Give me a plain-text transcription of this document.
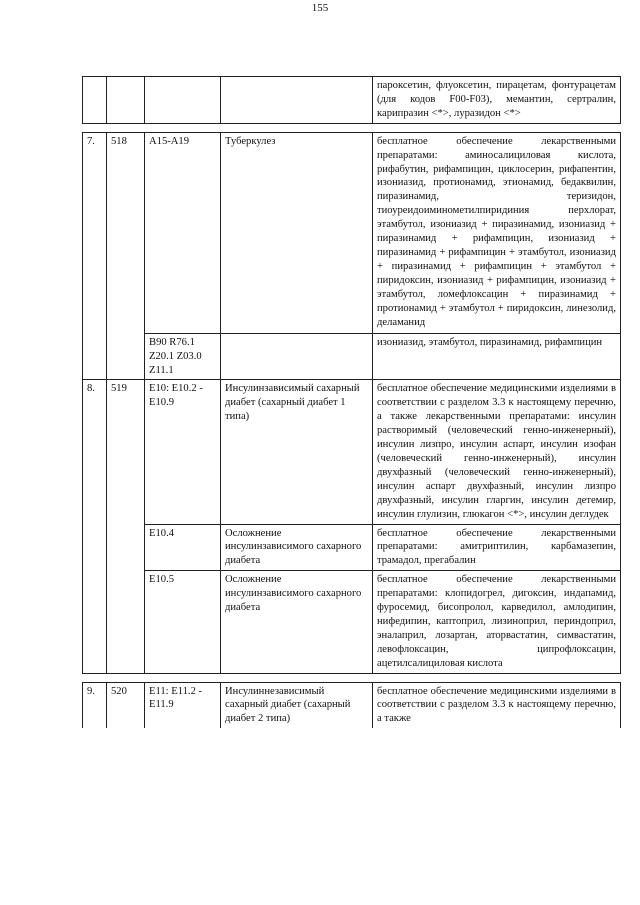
155
				пароксетин, флуоксетин, пирацетам, фонтурацетам (для кодов F00-F03), мемантин, сертралин, карипразин <*>, луразидон <*>

7.	518	A15-A19	Туберкулез	бесплатное обеспечение лекарственными препаратами: аминосалициловая кислота, рифабутин, рифампицин, циклосерин, рифапентин, изониазид, протионамид, этионамид, бедаквилин, пиразинамид, теризидон, тиоуреидоиминометилпиридиния перхлорат, этамбутол, изониазид + пиразинамид, изониазид + пиразинамид + рифампицин, изониазид + пиразинамид + рифампицин + этамбутол, изониазид + пиразинамид + рифампицин + этамбутол + пиридоксин, изониазид + рифампицин, изониазид + этамбутол, ломефлоксацин + пиразинамид + протионамид + этамбутол + пиридоксин, линезолид, деламанид
		B90 R76.1 Z20.1 Z03.0 Z11.1		изониазид, этамбутол, пиразинамид, рифампицин
8.	519	E10: E10.2 - E10.9	Инсулинзависимый сахарный диабет (сахарный диабет 1 типа)	бесплатное обеспечение медицинскими изделиями в соответствии с разделом 3.3 к настоящему перечню, а также лекарственными препаратами: инсулин растворимый (человеческий генно-инженерный), инсулин лизпро, инсулин аспарт, инсулин изофан (человеческий генно-инженерный), инсулин двухфазный (человеческий генно-инженерный), инсулин аспарт двухфазный, инсулин лизпро двухфазный, инсулин гларгин, инсулин детемир, инсулин глулизин, глюкагон <*>, инсулин деглудек
		E10.4	Осложнение инсулинзависимого сахарного диабета	бесплатное обеспечение лекарственными препаратами: амитриптилин, карбамазепин, трамадол, прегабалин
		E10.5	Осложнение инсулинзависимого сахарного диабета	бесплатное обеспечение лекарственными препаратами: клопидогрел, дигоксин, индапамид, фуросемид, бисопролол, карведилол, амлодипин, нифедипин, каптоприл, лизиноприл, периндоприл, эналаприл, лозартан, аторвастатин, симвастатин, левофлоксацин, ципрофлоксацин, ацетилсалициловая кислота

9.	520	E11: E11.2 - E11.9	Инсулиннезависимый сахарный диабет (сахарный диабет 2 типа)	бесплатное обеспечение медицинскими изделиями в соответствии с разделом 3.3 к настоящему перечню, а также
